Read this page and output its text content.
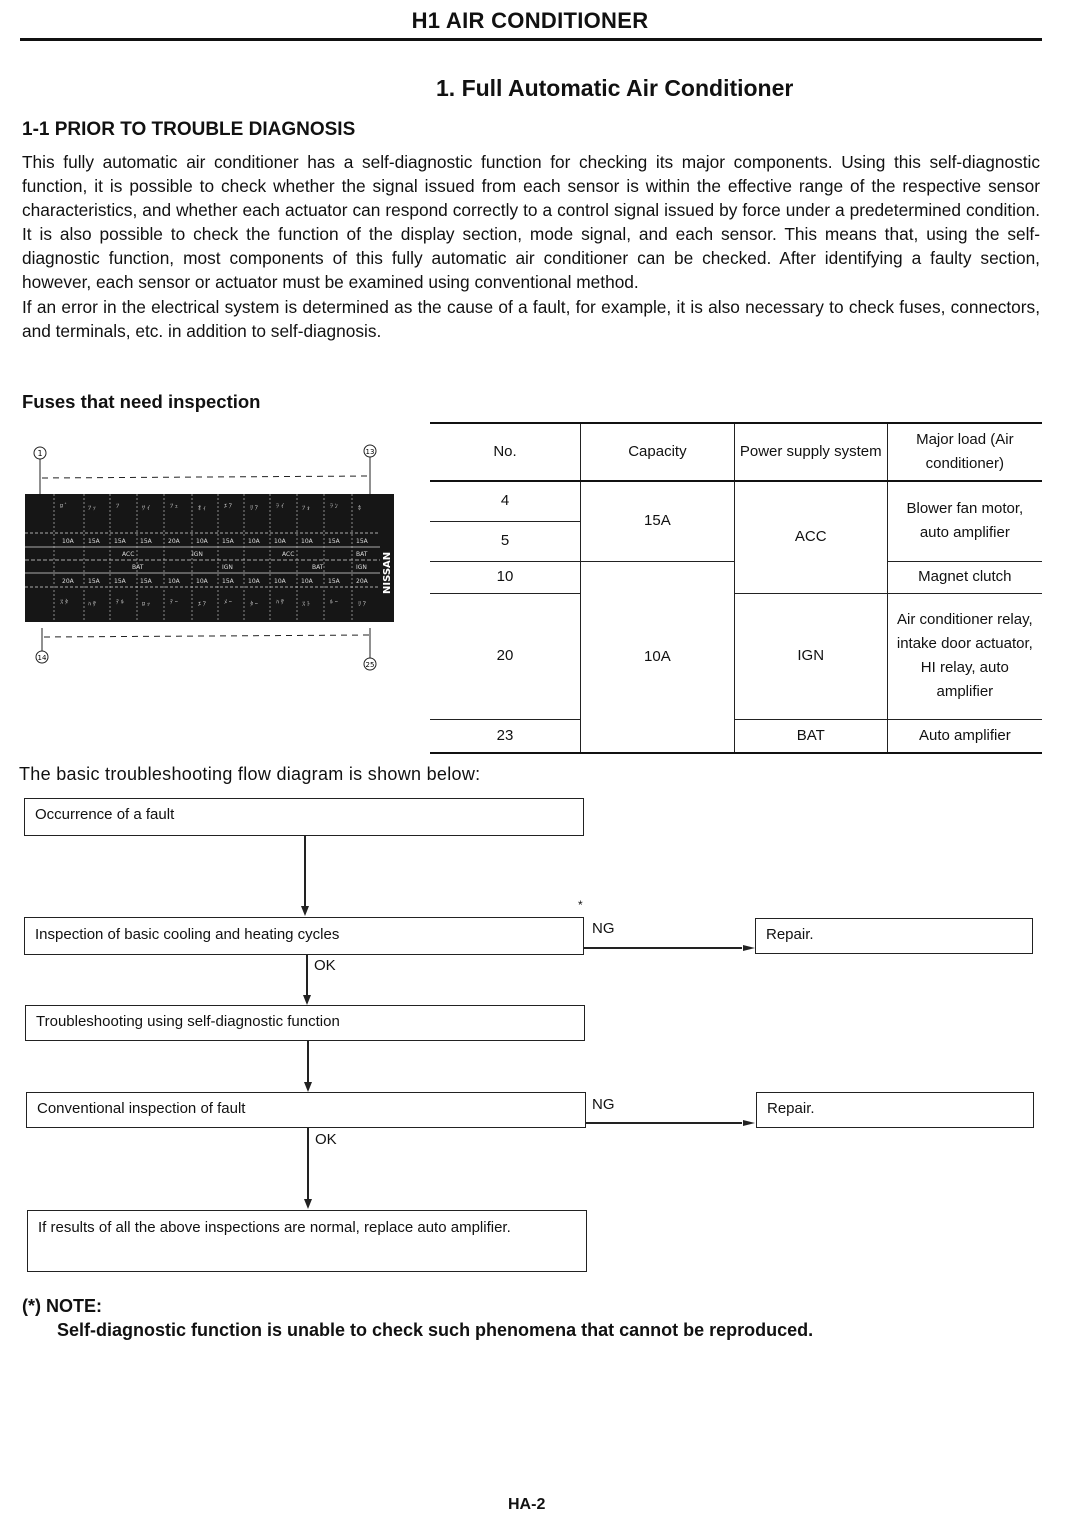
H1 AIR CONDITIONER
1. Full Automatic Air Conditioner
1-1 PRIOR TO TROUBLE DIAGNOSIS

This fully automatic air conditioner has a self-diagnostic function for checking its major components. Using this self-diagnostic function, it is possible to check whether the signal issued from each sensor is within the effective range of the respective sensor characteristics, and whether each actuator can respond correctly to a control signal issued by force under a predetermined condition. It is also possible to check the function of the display section, mode signal, and each sensor. This means that, using the self-diagnostic function, most components of this fully automatic air conditioner can be checked. After identifying a faulty section, however, each sensor or actuator must be examined using conventional method.

If an error in the electrical system is determined as the cause of a fault, for example, it is also necessary to check fuses, connectors, and terminals, etc. in addition to self-diagnosis.

Fuses that need inspection
1	13
14
25
ﾛ ﾞ	ﾌ ｧ	ﾌ	ﾜ ｲ	ﾌ ｪ	ｵ ｨ	ｴ ｱ	ﾘ ｱ	ﾗ ｲ	ﾌ ｫ	ﾗ ﾝ	ﾎ
ｽ ﾀ	ﾊ ｻ	ﾃ ﾙ	ﾛ ｯ	ﾃ ｰ	ｴ ｱ	ﾒ ｰ	ﾀ ｰ	ﾊ ｻ	ｽ ﾄ	ﾙ ｰ	ﾘ ｱ
10A 15A 15A 15A	20A	10A 15A 10A 10A	10A	15A	15A
ACC	IGN	ACC	BAT
BAT	IGN	BAT	IGN
20A 15A 15A 15A	10A	10A 15A 10A 10A	10A	15A	20A NISSAN
No.	Capacity	Power supply system	Major load (Air conditioner)
4	15A	ACC	Blower fan motor, auto amplifier
5			
10	10A		Magnet clutch
20		IGN	Air conditioner relay, intake door actuator, HI relay, auto amplifier
23		BAT	Auto amplifier
The basic troubleshooting flow diagram is shown below:
Occurrence of a fault
*
Inspection of basic cooling and heating cycles	NG	Repair.
OK
Troubleshooting using self-diagnostic function
Conventional inspection of fault	NG	Repair.
OK
If results of all the above inspections are normal, replace auto amplifier.
(*) NOTE:
Self-diagnostic function is unable to check such phenomena that cannot be reproduced.
HA-2
